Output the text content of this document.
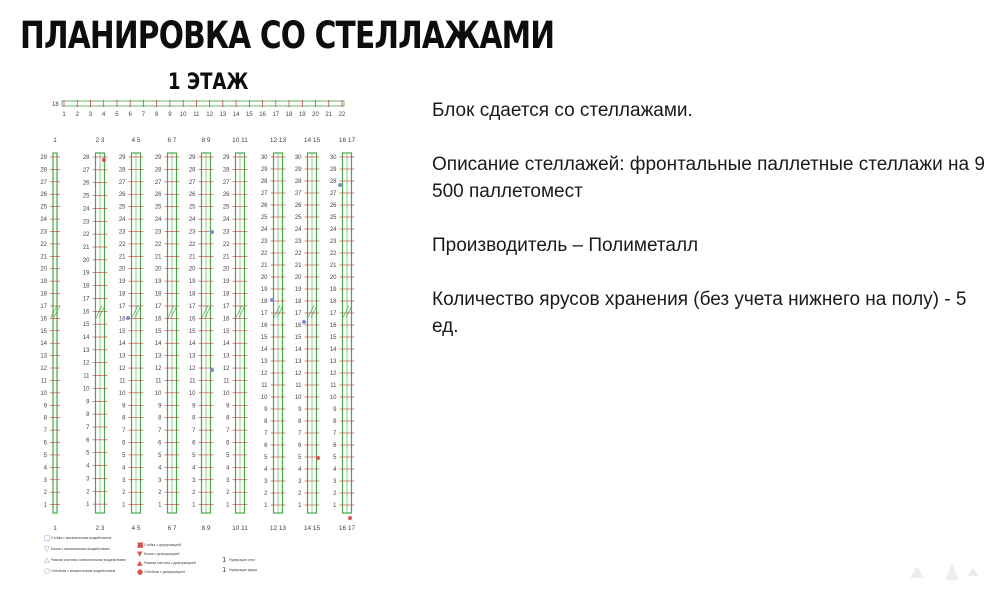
ПЛАНИРОВКА СО СТЕЛЛАЖАМИ
1 ЭТАЖ
18
1 2 3 4 5 6 7 8 9 10 11 12 13 14 15 16 17 18 19 20 21 22
1
1
29
28
27
26
25
24
23
22
21
20
19
18
17
16
15
14
13
12
11
10
9
8
7
6
5
4
3
2
1
2 3
2 3
28
27
26
25
24
23
22
21
20
19
18
17
16
15
14
13
12
11
10
9
8
7
6
5
4
3
2
1
4 5
4 5
29
28
27
26
25
24
23
22
21
20
19
18
17
16
15
14
13
12
11
10
9
8
7
6
5
4
3
2
1
6 7
6 7
29
28
27
26
25
24
23
22
21
20
19
18
17
16
15
14
13
12
11
10
9
8
7
6
5
4
3
2
1
8 9
8 9
29
28
27
26
25
24
23
22
21
20
19
18
17
16
15
14
13
12
11
10
9
8
7
6
5
4
3
2
1
10 11
10 11
29
28
27
26
25
24
23
22
21
20
19
18
17
16
15
14
13
12
11
10
9
8
7
6
5
4
3
2
1
12 13
12 13
30
29
28
27
26
25
24
23
22
21
20
19
18
17
16
15
14
13
12
11
10
9
8
7
6
5
4
3
2
1
14 15
14 15
30
29
28
27
26
25
24
23
22
21
20
19
18
17
16
15
14
13
12
11
10
9
8
7
6
5
4
3
2
1
16 17
16 17
30
29
28
27
26
25
24
23
22
21
20
19
18
17
16
15
14
13
12
11
10
9
8
7
6
5
4
3
2
1
□ Стойка с механическим воздействием
▽ Балка с механическим воздействием
△ Рамная система с механическим воздействием
○ Отбойник с механическим воздействием
■ Стойка с деформацией
▼ Балка с деформацией
▲ Рамная система с деформацией
● Отбойник с деформацией
1 Нумерация стеи
1 Нумерация рядов

Блок сдается со стеллажами.

Описание стеллажей: фронтальные паллетные стеллажи на 9 500 паллетомест

Производитель – Полиметалл

Количество ярусов хранения (без учета нижнего на полу) - 5 ед.
